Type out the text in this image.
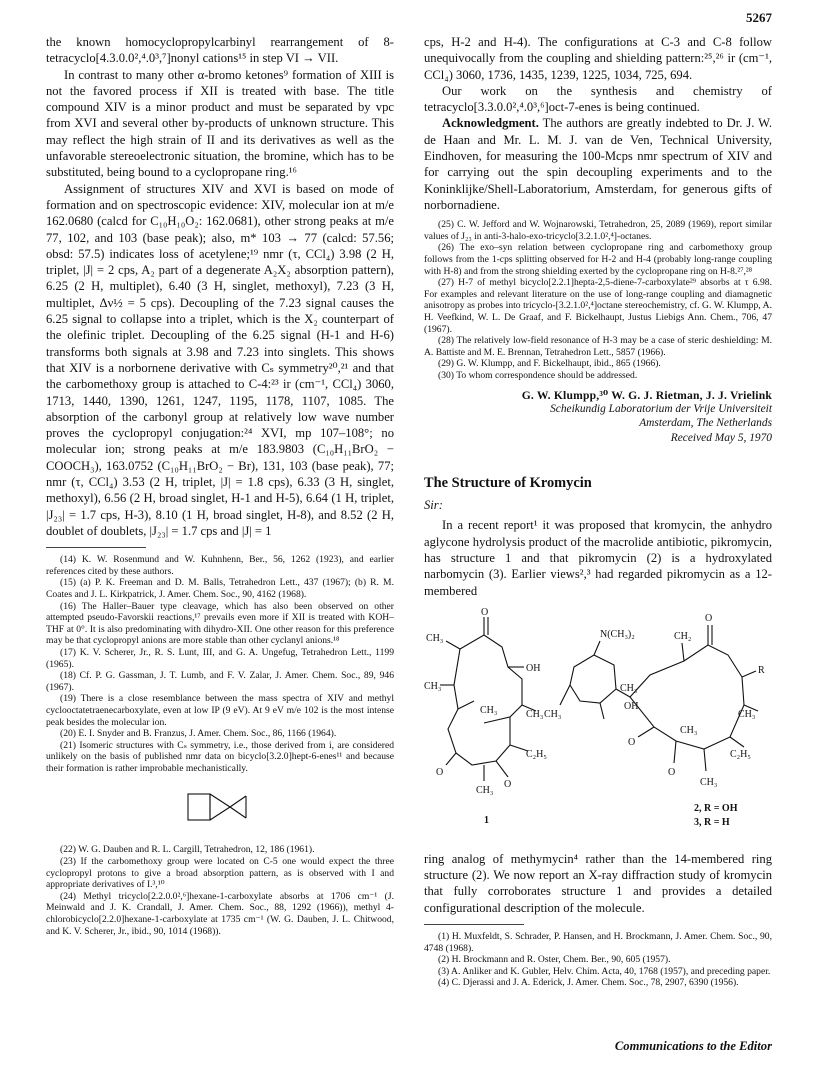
5267

the known homocyclopropylcarbinyl rearrangement of 8-tetracyclo[4.3.0.0²,⁴.0³,⁷]nonyl cations¹⁵ in step VI → VII.

In contrast to many other α-bromo ketones⁹ formation of XIII is not the favored process if XII is treated with base. The title compound XIV is a minor product and must be separated by vpc from XVI and several other by-products of unknown structure. This may reflect the high strain of II and its derivatives as well as the unfavorable stereoelectronic situation, the bromine, which has to be substituted, being bound to a cyclopropane ring.¹⁶

Assignment of structures XIV and XVI is based on mode of formation and on spectroscopic evidence: XIV, molecular ion at m/e 162.0680 (calcd for C₁₀H₁₀O₂: 162.0681), other strong peaks at m/e 77, 102, and 103 (base peak); also, m* 103 → 77 (calcd: 57.56; obsd: 57.5) indicates loss of acetylene;¹⁹ nmr (τ, CCl₄) 3.98 (2 H, triplet, |J| = 2 cps, A₂ part of a degenerate A₂X₂ absorption pattern), 6.25 (2 H, multiplet), 6.40 (3 H, singlet, methoxyl), 7.23 (3 H, multiplet, Δν½ = 5 cps). Decoupling of the 7.23 signal causes the 6.25 signal to collapse into a triplet, which is the X₂ counterpart of the olefinic triplet. Decoupling of the 6.25 signal (H-1 and H-6) transforms both signals at 3.98 and 7.23 into singlets. This shows that XIV is a norbornene derivative with Cₛ symmetry²⁰,²¹ and that the carbomethoxy group is attached to C-4:²³ ir (cm⁻¹, CCl₄) 3060, 1713, 1440, 1390, 1261, 1247, 1195, 1178, 1107, 1085. The absorption of the carbonyl group at relatively low wave number proves the cyclopropyl conjugation:²⁴ XVI, mp 107–108°; no molecular ion; strong peaks at m/e 183.9803 (C₁₀H₁₁BrO₂ − COOCH₃), 163.0752 (C₁₀H₁₁BrO₂ − Br), 131, 103 (base peak), 77; nmr (τ, CCl₄) 3.53 (2 H, triplet, |J| = 1.8 cps), 6.33 (3 H, singlet, methoxyl), 6.56 (2 H, broad singlet, H-1 and H-5), 6.64 (1 H, triplet, |J₂₃| = 1.7 cps, H-3), 8.10 (1 H, broad singlet, H-8), and 8.52 (2 H, doublet of doublets, |J₂₃| = 1.7 cps and |J| = 1

(14) K. W. Rosenmund and W. Kuhnhenn, Ber., 56, 1262 (1923), and earlier references cited by these authors.

(15) (a) P. K. Freeman and D. M. Balls, Tetrahedron Lett., 437 (1967); (b) R. M. Coates and J. L. Kirkpatrick, J. Amer. Chem. Soc., 90, 4162 (1968).

(16) The Haller–Bauer type cleavage, which has also been observed on other attempted pseudo-Favorskii reactions,¹⁷ prevails even more if XII is treated with KOH–THF at 0°. It is also predominating with dihydro-XII. One other reason for this preference may be that cyclopropyl anions are more stable than other cyclanyl anions.¹⁸

(17) K. V. Scherer, Jr., R. S. Lunt, III, and G. A. Ungefug, Tetrahedron Lett., 1199 (1965).

(18) Cf. P. G. Gassman, J. T. Lumb, and F. V. Zalar, J. Amer. Chem. Soc., 89, 946 (1967).

(19) There is a close resemblance between the mass spectra of XIV and methyl cyclooctatetraenecarboxylate, even at low IP (9 eV). At 9 eV m/e 102 is the most intense peak besides the molecular ion.

(20) E. I. Snyder and B. Franzus, J. Amer. Chem. Soc., 86, 1166 (1964).

(21) Isomeric structures with Cₛ symmetry, i.e., those derived from i, are considered unlikely on the basis of published nmr data on bicyclo[3.2.0]hept-6-enes¹¹ and because their formation is rather improbable mechanistically.

(22) W. G. Dauben and R. L. Cargill, Tetrahedron, 12, 186 (1961).

(23) If the carbomethoxy group were located on C-5 one would expect the three cyclopropyl protons to give a broad absorption pattern, as is observed with I and appropriate derivatives of I.³,¹⁰

(24) Methyl tricyclo[2.2.0.0²,⁶]hexane-1-carboxylate absorbs at 1706 cm⁻¹ (J. Meinwald and J. K. Crandall, J. Amer. Chem. Soc., 88, 1292 (1966)), methyl 4-chlorobicyclo[2.2.0]hexane-1-carboxylate at 1735 cm⁻¹ (W. G. Dauben, J. L. Chitwood, and K. V. Scherer, Jr., ibid., 90, 1014 (1968)).

cps, H-2 and H-4). The configurations at C-3 and C-8 follow unequivocally from the coupling and shielding pattern:²⁵,²⁶ ir (cm⁻¹, CCl₄) 3060, 1736, 1435, 1239, 1225, 1034, 725, 694.

Our work on the synthesis and chemistry of tetracyclo[3.3.0.0²,⁴.0³,⁶]oct-7-enes is being continued.

Acknowledgment. The authors are greatly indebted to Dr. J. W. de Haan and Mr. L. M. J. van de Ven, Technical University, Eindhoven, for measuring the 100-Mcps nmr spectrum of XIV and for carrying out the spin decoupling experiments and to the Koninklijke/Shell-Laboratorium, Amsterdam, for generous gifts of norbornadiene.

(25) C. W. Jefford and W. Wojnarowski, Tetrahedron, 25, 2089 (1969), report similar values of J₂₃ in anti-3-halo-exo-tricyclo[3.2.1.0²,⁴]-octanes.

(26) The exo–syn relation between cyclopropane ring and carbomethoxy group follows from the 1-cps splitting observed for H-2 and H-4 (probably long-range coupling with H-8) and from the strong shielding exerted by the cyclopropane ring on H-8.²⁷,²⁸

(27) H-7 of methyl bicyclo[2.2.1]hepta-2,5-diene-7-carboxylate²⁹ absorbs at τ 6.98. For examples and relevant literature on the use of long-range coupling and diamagnetic anisotropy as probes into tricyclo-[3.2.1.0²,⁴]octane stereochemistry, cf. G. W. Klumpp, A. H. Veefkind, W. L. De Graaf, and F. Bickelhaupt, Justus Liebigs Ann. Chem., 706, 47 (1967).

(28) The relatively low-field resonance of H-3 may be a case of steric deshielding: M. A. Battiste and M. E. Brennan, Tetrahedron Lett., 5857 (1966).

(29) G. W. Klumpp, and F. Bickelhaupt, ibid., 865 (1966).

(30) To whom correspondence should be addressed.

G. W. Klumpp,³⁰ W. G. J. Rietman, J. J. Vrielink
Scheikundig Laboratorium der Vrije Universiteit
Amsterdam, The Netherlands
Received May 5, 1970
The Structure of Kromycin
Sir:

In a recent report¹ it was proposed that kromycin, the anhydro aglycone hydrolysis product of the macrolide antibiotic, pikromycin, has structure 1 and that pikromycin (2) is a hydroxylated narbomycin (3). Earlier views²,³ had regarded pikromycin as a 12-membered

O
CH₃
CH₃
OH
CH₃
CH₃
C₂H₅
O
O
CH₃
1
N(CH₃)₂
CH₃
OH
CH₃
CH₂
O
R
CH₃
C₂H₅
CH₃
O
O
CH₃
2, R = OH
3, R = H

ring analog of methymycin⁴ rather than the 14-membered ring structure (2). We now report an X-ray diffraction study of kromycin that fully corroborates structure 1 and provides a detailed configurational description of the molecule.

(1) H. Muxfeldt, S. Schrader, P. Hansen, and H. Brockmann, J. Amer. Chem. Soc., 90, 4748 (1968).

(2) H. Brockmann and R. Oster, Chem. Ber., 90, 605 (1957).

(3) A. Anliker and K. Gubler, Helv. Chim. Acta, 40, 1768 (1957), and preceding paper.

(4) C. Djerassi and J. A. Ederick, J. Amer. Chem. Soc., 78, 2907, 6390 (1956).

Communications to the Editor
